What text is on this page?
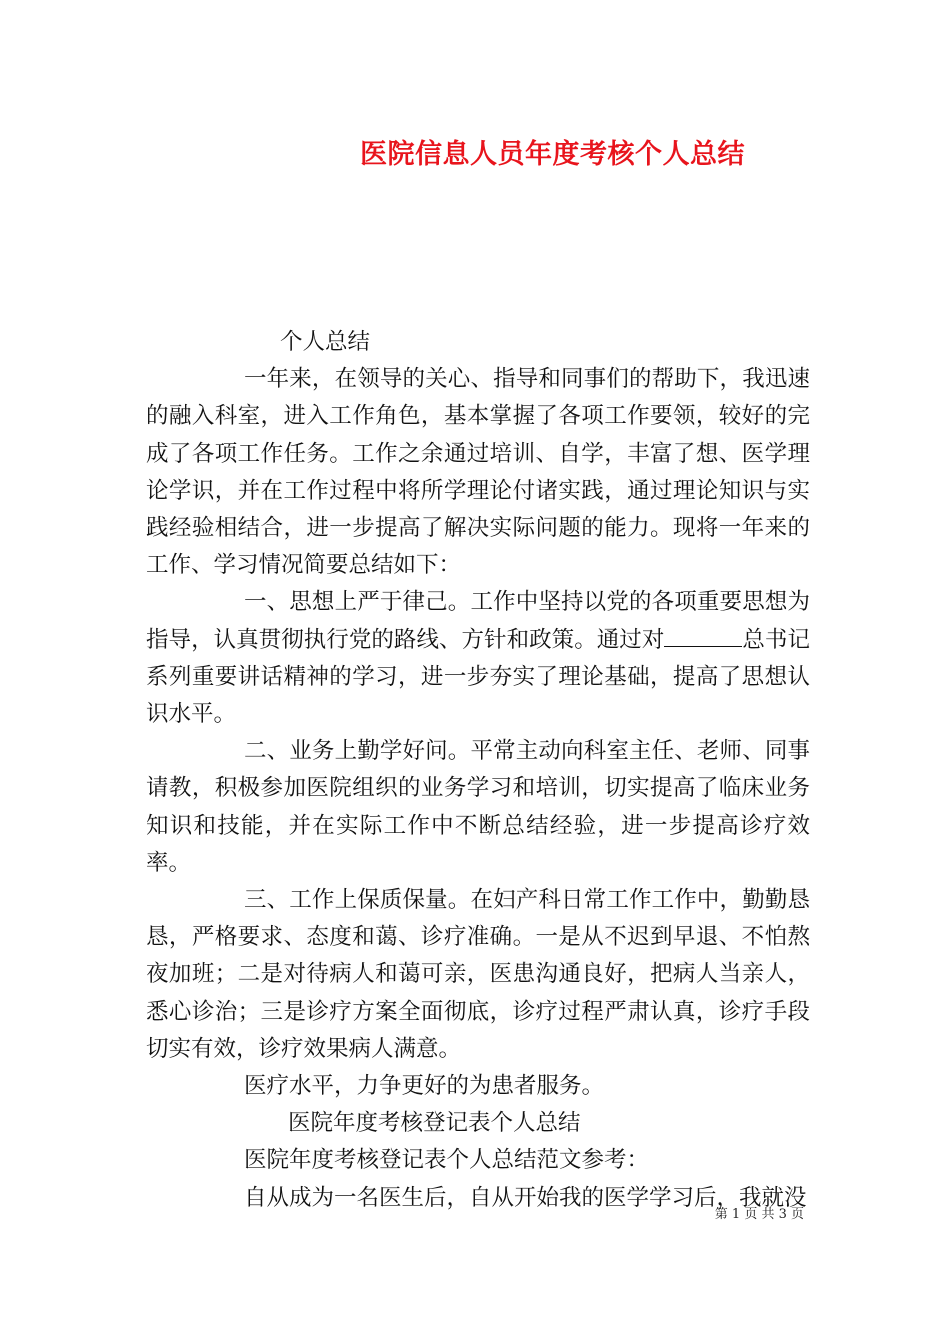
医院信息人员年度考核个人总结

个人总结

一年来，在领导的关心、指导和同事们的帮助下，我迅速的融入科室，进入工作角色，基本掌握了各项工作要领，较好的完成了各项工作任务。工作之余通过培训、自学，丰富了想、医学理论学识，并在工作过程中将所学理论付诸实践，通过理论知识与实践经验相结合，进一步提高了解决实际问题的能力。现将一年来的工作、学习情况简要总结如下：

一、思想上严于律己。工作中坚持以党的各项重要思想为指导，认真贯彻执行党的路线、方针和政策。通过对	总书记系列重要讲话精神的学习，进一步夯实了理论基础，提高了思想认识水平。

二、业务上勤学好问。平常主动向科室主任、老师、同事请教，积极参加医院组织的业务学习和培训，切实提高了临床业务知识和技能，并在实际工作中不断总结经验，进一步提高诊疗效率。

三、工作上保质保量。在妇产科日常工作工作中，勤勤恳恳，严格要求、态度和蔼、诊疗准确。一是从不迟到早退、不怕熬夜加班；二是对待病人和蔼可亲，医患沟通良好，把病人当亲人，悉心诊治；三是诊疗方案全面彻底，诊疗过程严肃认真，诊疗手段切实有效，诊疗效果病人满意。

医疗水平，力争更好的为患者服务。

医院年度考核登记表个人总结

医院年度考核登记表个人总结范文参考：

自从成为一名医生后，自从开始我的医学学习后，我就没

第 1 页 共 3 页
